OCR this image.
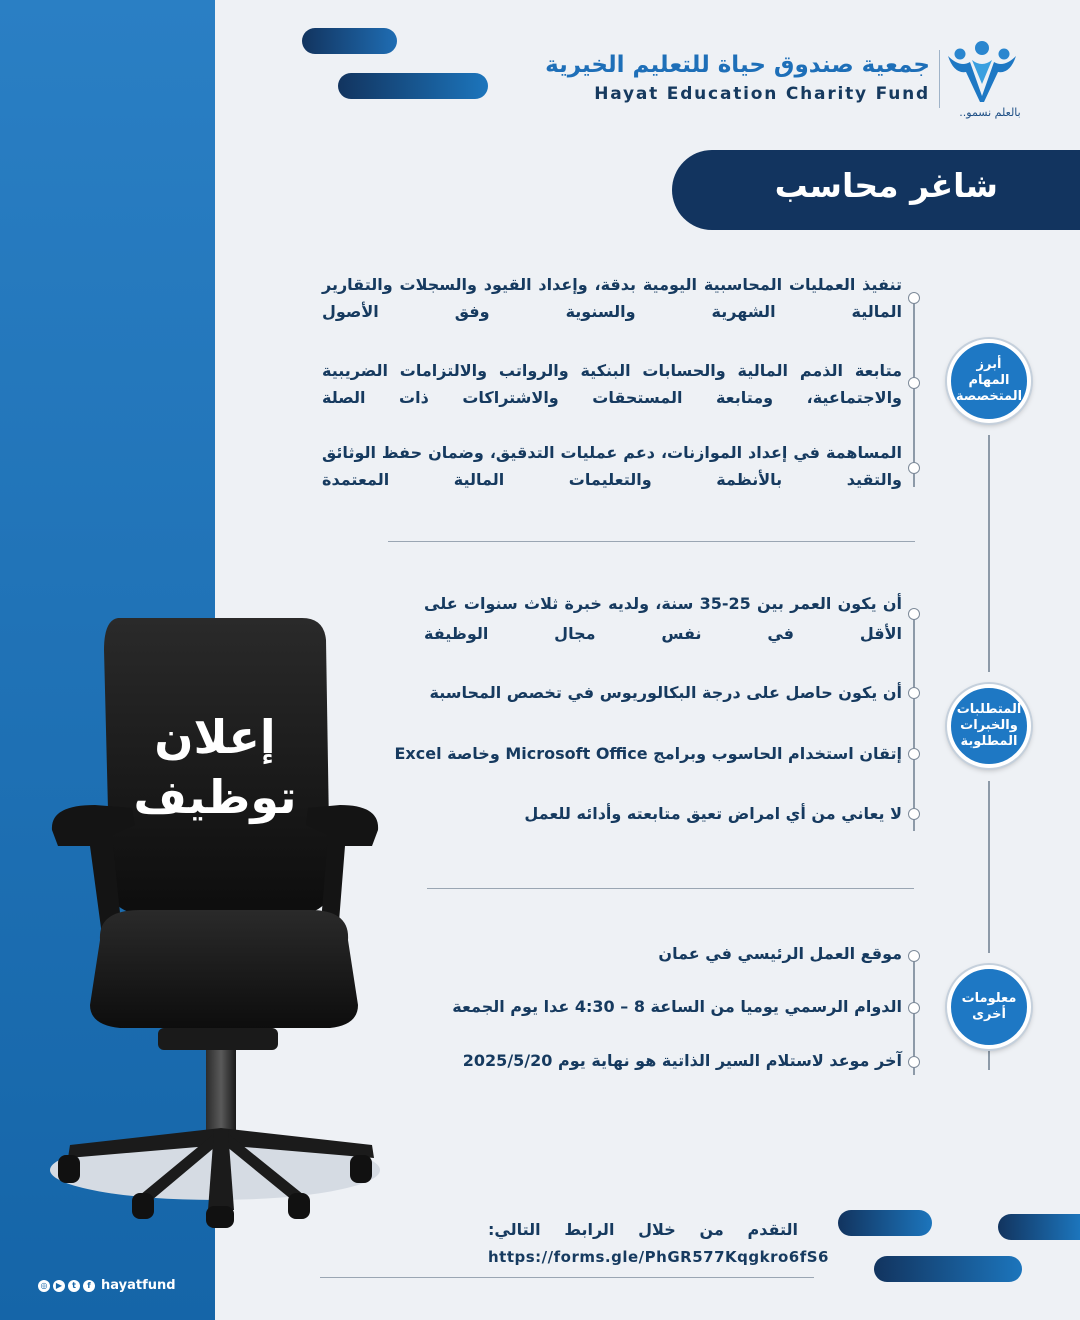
جمعية صندوق حياة للتعليم الخيرية
Hayat Education Charity Fund
بالعلم نسمو..
شاغر محاسب
أبرز
المهام
المتخصصة
المتطلبات
والخبرات
المطلوبة
معلومات
أخرى
تنفيذ العمليات المحاسبية اليومية بدقة، وإعداد القيود والسجلات والتقارير المالية الشهرية والسنوية وفق الأصول
متابعة الذمم المالية والحسابات البنكية والرواتب والالتزامات الضريبية والاجتماعية، ومتابعة المستحقات والاشتراكات ذات الصلة
المساهمة في إعداد الموازنات، دعم عمليات التدقيق، وضمان حفظ الوثائق والتقيد بالأنظمة والتعليمات المالية المعتمدة
أن يكون العمر بين 25-35 سنة، ولديه خبرة ثلاث سنوات على الأقل في نفس مجال الوظيفة
أن يكون حاصل على درجة البكالوريوس في تخصص المحاسبة
إتقان استخدام الحاسوب وبرامج Microsoft Office وخاصة Excel
لا يعاني من أي امراض تعيق متابعته وأدائه للعمل
موقع العمل الرئيسي في عمان
الدوام الرسمي يوميا من الساعة 8 – 4:30 عدا يوم الجمعة
آخر موعد لاستلام السير الذاتية هو نهاية يوم 2025/5/20
إعلان
توظيف
التقدم من خلال الرابط التالي:
https://forms.gle/PhGR577Kqgkro6fS6
◎	▶	t	f hayatfund
